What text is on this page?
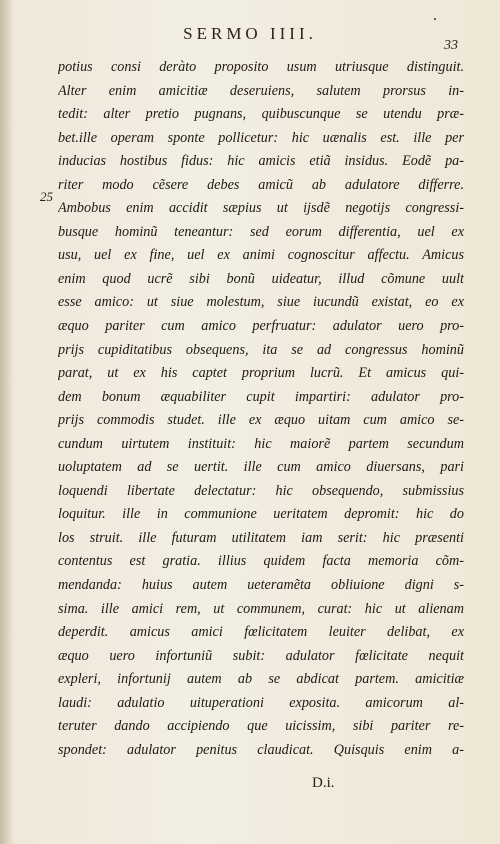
SERMO IIII.
33
25
potius consi deràto proposito usum utriusque distinguit.
Alter enim amicitiæ deseruiens, salutem prorsus in-
tedit: alter pretio pugnans, quibuscunque se utendu præ-
bet.ille operam sponte pollicetur: hic uænalis est. ille per
inducias hostibus fidus: hic amicis etiã insidus. Eodẽ pa-
riter modo cẽsere debes amicũ ab adulatore differre.
Ambobus enim accidit sæpius ut ijsdẽ negotijs congressi-
busque hominũ teneantur: sed eorum differentia, uel ex
usu, uel ex fine, uel ex animi cognoscitur affectu. Amicus
enim quod ucrẽ sibi bonũ uideatur, illud cõmune uult
esse amico: ut siue molestum, siue iucundũ existat, eo ex
æquo pariter cum amico perfruatur: adulator uero pro-
prijs cupiditatibus obsequens, ita se ad congressus hominũ
parat, ut ex his captet proprium lucrũ. Et amicus qui-
dem bonum æquabiliter cupit impartiri: adulator pro-
prijs commodis studet. ille ex æquo uitam cum amico se-
cundum uirtutem instituit: hic maiorẽ partem secundum
uoluptatem ad se uertit. ille cum amico diuersans, pari
loquendi libertate delectatur: hic obsequendo, submissius
loquitur. ille in communione ueritatem depromit: hic do
los struit. ille futuram utilitatem iam serit: hic præsenti
contentus est gratia. illius quidem facta memoria cõm-
mendanda: huius autem ueteramẽta obliuione digni s-
sima. ille amici rem, ut communem, curat: hic ut alienam
deperdit. amicus amici fœlicitatem leuiter delibat, ex
æquo uero infortuniũ subit: adulator fœlicitate nequit
expleri, infortunij autem ab se abdicat partem. amicitiæ
laudi: adulatio uituperationi exposita. amicorum al-
teruter dando accipiendo que uicissim, sibi pariter re-
spondet: adulator penitus claudicat. Quisquis enim a-
D.i.
